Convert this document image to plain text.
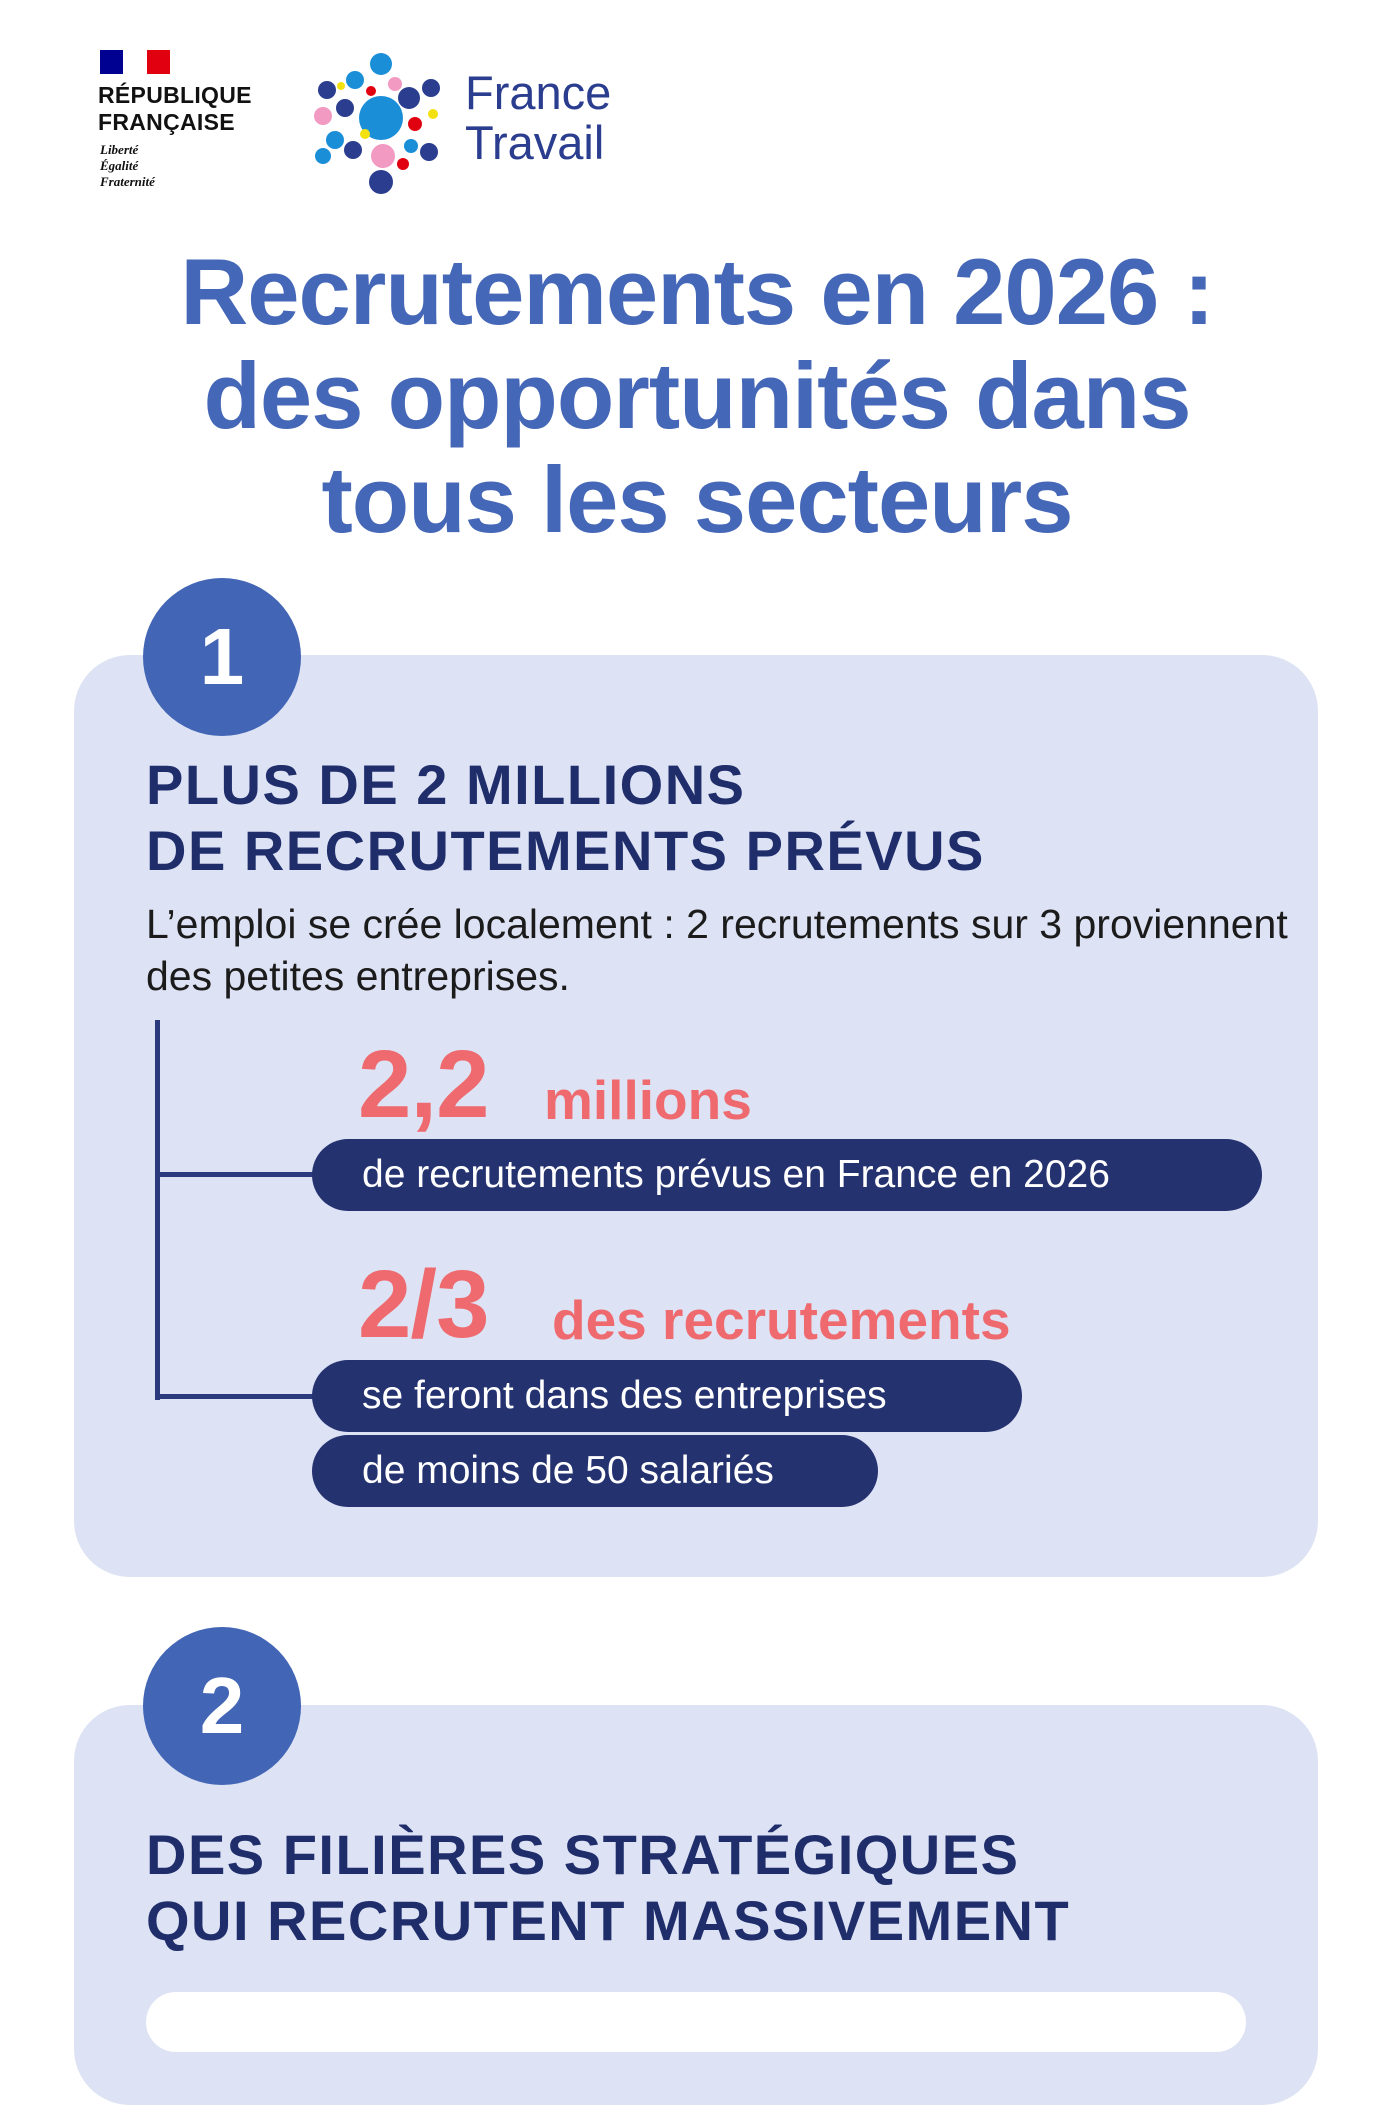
RÉPUBLIQUE
FRANÇAISE
Liberté
Égalité
Fraternité
France
Travail
Recrutements en 2026 :
des opportunités dans
tous les secteurs
1
PLUS DE 2 MILLIONS
DE RECRUTEMENTS PRÉVUS
L’emploi se crée localement : 2 recrutements sur 3 proviennent des petites entreprises.
2,2 millions
de recrutements prévus en France en 2026
2/3 des recrutements
se feront dans des entreprises
de moins de 50 salariés
2
DES FILIÈRES STRATÉGIQUES
QUI RECRUTENT MASSIVEMENT
